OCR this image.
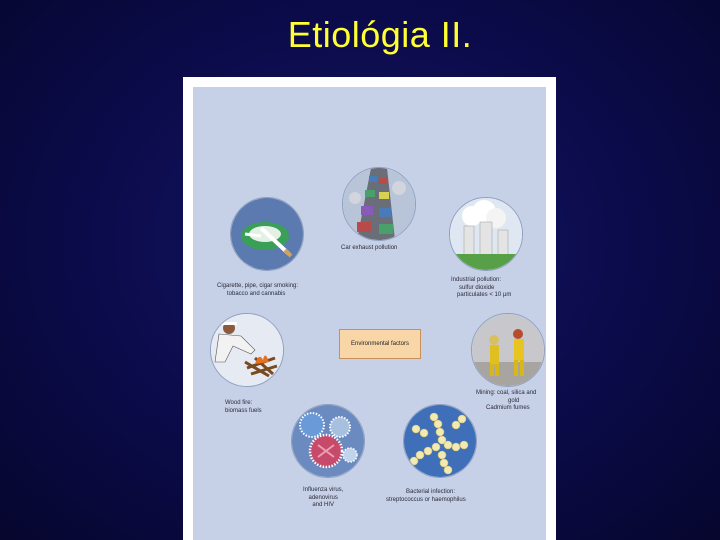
Etiológia II.
Car exhaust pollution
Industrial pollution:
sulfur dioxide
particulates < 10 µm
Mining: coal, silica and
gold
Cadmium fumes
Bacterial infection:
streptococcus or haemophilus
Influenza virus,
adenovirus
and HIV
Wood fire:
biomass fuels
Cigarette, pipe, cigar smoking:
tobacco and cannabis
Environmental factors
